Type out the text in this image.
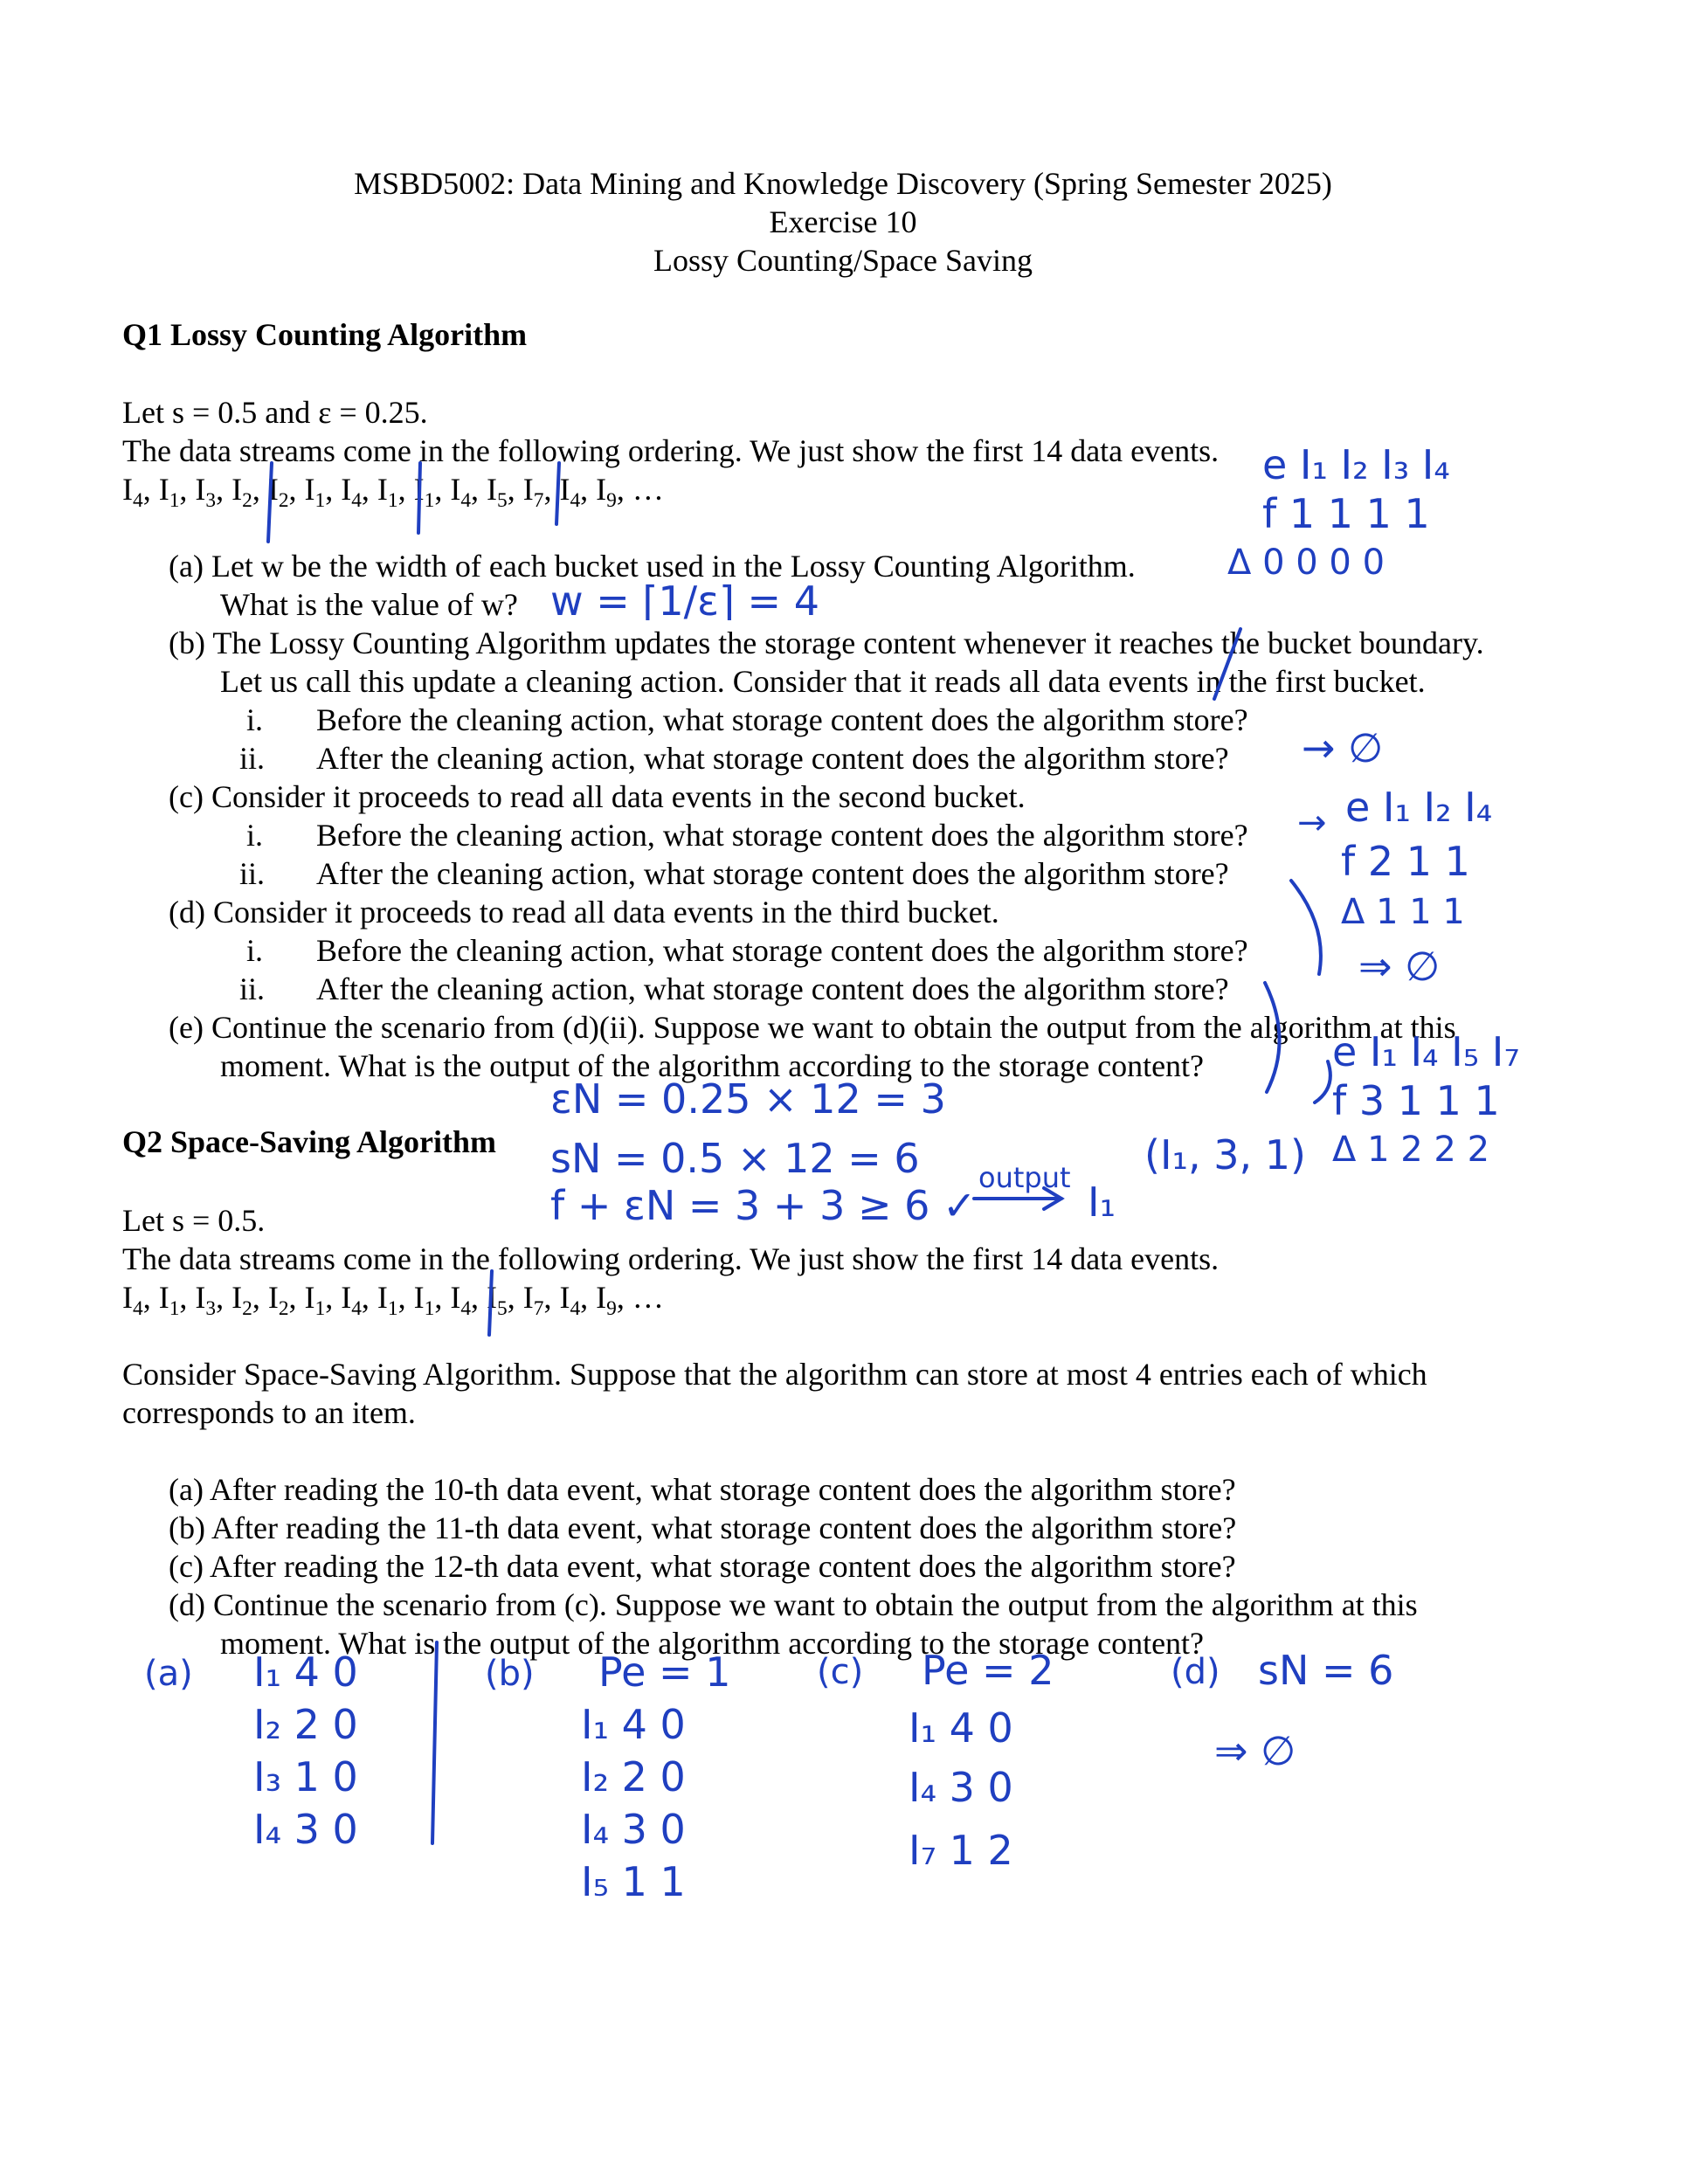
MSBD5002: Data Mining and Knowledge Discovery (Spring Semester 2025)
Exercise 10
Lossy Counting/Space Saving
Q1 Lossy Counting Algorithm
Let s = 0.5 and ε = 0.25.
The data streams come in the following ordering. We just show the first 14 data events.
$I_4$, $I_1$, $I_3$, $I_2$, $I_2$, $I_1$, $I_4$, $I_1$, $I_1$, $I_4$, $I_5$, $I_7$, $I_4$, $I_9$, …
(a) Let w be the width of each bucket used in the Lossy Counting Algorithm.
What is the value of w?
(b) The Lossy Counting Algorithm updates the storage content whenever it reaches the bucket boundary.
Let us call this update a cleaning action. Consider that it reads all data events in the first bucket.
i. Before the cleaning action, what storage content does the algorithm store?
ii. After the cleaning action, what storage content does the algorithm store?
(c) Consider it proceeds to read all data events in the second bucket.
i. Before the cleaning action, what storage content does the algorithm store?
ii. After the cleaning action, what storage content does the algorithm store?
(d) Consider it proceeds to read all data events in the third bucket.
i. Before the cleaning action, what storage content does the algorithm store?
ii. After the cleaning action, what storage content does the algorithm store?
(e) Continue the scenario from (d)(ii). Suppose we want to obtain the output from the algorithm at this
moment. What is the output of the algorithm according to the storage content?
Q2 Space-Saving Algorithm
Let s = 0.5.
The data streams come in the following ordering. We just show the first 14 data events.
$I_4$, $I_1$, $I_3$, $I_2$, $I_2$, $I_1$, $I_4$, $I_1$, $I_1$, $I_4$, $I_5$, $I_7$, $I_4$, $I_9$, …
Consider Space-Saving Algorithm. Suppose that the algorithm can store at most 4 entries each of which
corresponds to an item.
(a) After reading the 10-th data event, what storage content does the algorithm store?
(b) After reading the 11-th data event, what storage content does the algorithm store?
(c) After reading the 12-th data event, what storage content does the algorithm store?
(d) Continue the scenario from (c). Suppose we want to obtain the output from the algorithm at this
moment. What is the output of the algorithm according to the storage content?
e I₁ I₂ I₃ I₄
f 1 1 1 1
Δ 0 0 0 0
w = ⌈1/ε⌉ = 4
→ ∅
→ e I₁ I₂ I₄
f 2 1 1
Δ 1 1 1
⇒ ∅
e I₁ I₄ I₅ I₇
f 3 1 1 1
Δ 1 2 2 2
εN = 0.25 × 12 = 3
sN = 0.5 × 12 = 6	(I₁, 3, 1)
output
f + εN = 3 + 3 ≥ 6 ✓	I₁
(a) I₁ 4 0
I₂ 2 0
I₃ 1 0
I₄ 3 0
(b) Pe = 1
I₁ 4 0
I₂ 2 0
I₄ 3 0
I₅ 1 1
(c) Pe = 2
I₁ 4 0
I₄ 3 0
I₇ 1 2
(d) sN = 6
⇒ ∅
